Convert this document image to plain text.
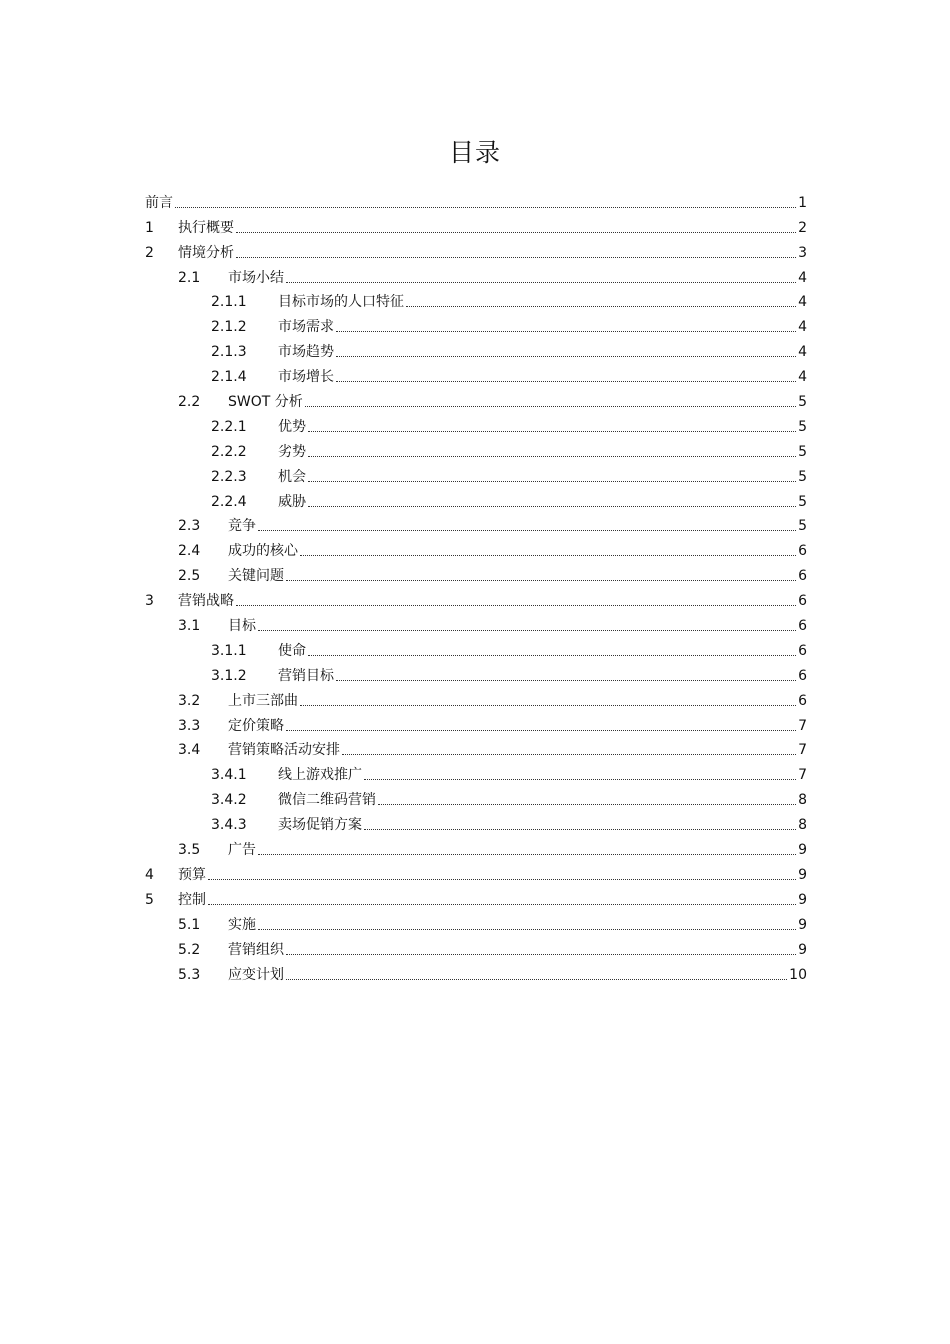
目录
前言	1
1 执行概要	2
2 情境分析	3
2.1 市场小结	4
2.1.1 目标市场的人口特征	4
2.1.2 市场需求	4
2.1.3 市场趋势	4
2.1.4 市场增长	4
2.2 SWOT 分析	5
2.2.1 优势	5
2.2.2 劣势	5
2.2.3 机会	5
2.2.4 威胁	5
2.3 竞争	5
2.4 成功的核心	6
2.5 关键问题	6
3 营销战略	6
3.1 目标	6
3.1.1 使命	6
3.1.2 营销目标	6
3.2 上市三部曲	6
3.3 定价策略	7
3.4 营销策略活动安排	7
3.4.1 线上游戏推广	7
3.4.2 微信二维码营销	8
3.4.3 卖场促销方案	8
3.5 广告	9
4 预算	9
5 控制	9
5.1 实施	9
5.2 营销组织	9
5.3 应变计划	10
